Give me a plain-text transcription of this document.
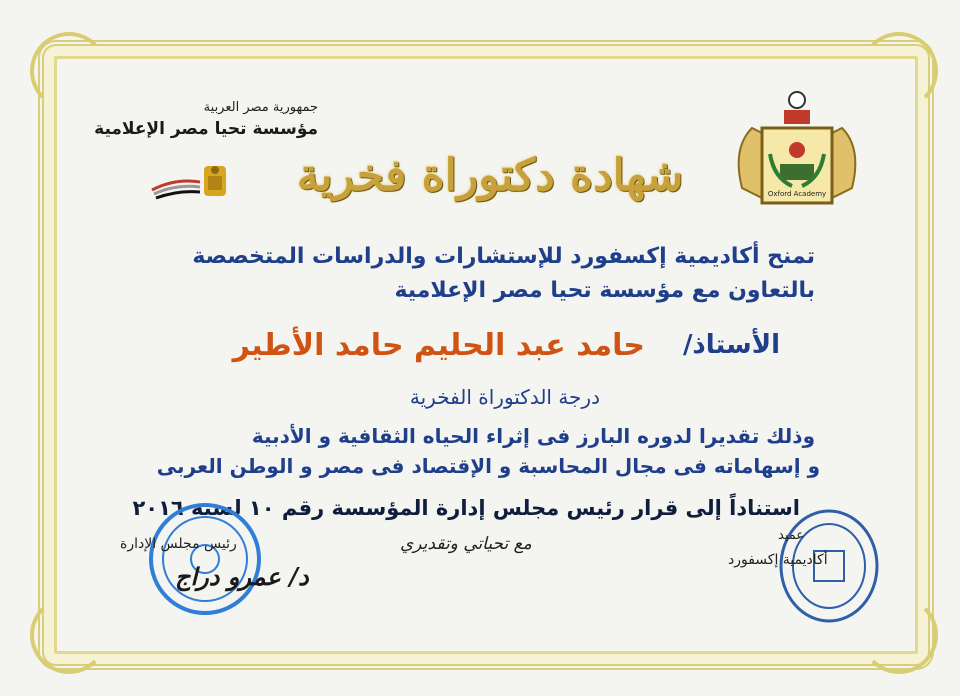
جمهورية مصر العربية
مؤسسة تحيا مصر الإعلامية
Oxford Academy
شهادة دكتوراة فخرية
تمنح أكاديمية إكسفورد للإستشارات والدراسات المتخصصة
بالتعاون مع مؤسسة تحيا مصر الإعلامية
الأستاذ/
حامد عبد الحليم حامد الأطير
درجة الدكتوراة الفخرية
وذلك تقديرا لدوره البارز فى إثراء الحياه الثقافية و الأدبية
و إسهاماته فى مجال المحاسبة و الإقتصاد فى مصر و الوطن العربى
استناداً إلى قرار رئيس مجلس إدارة المؤسسة رقم ١٠ لسنة ٢٠١٦
مع تحياتي وتقديري
رئيس مجلس الإدارة
د/ عمرو دراج
عميد
أكاديمية إكسفورد
